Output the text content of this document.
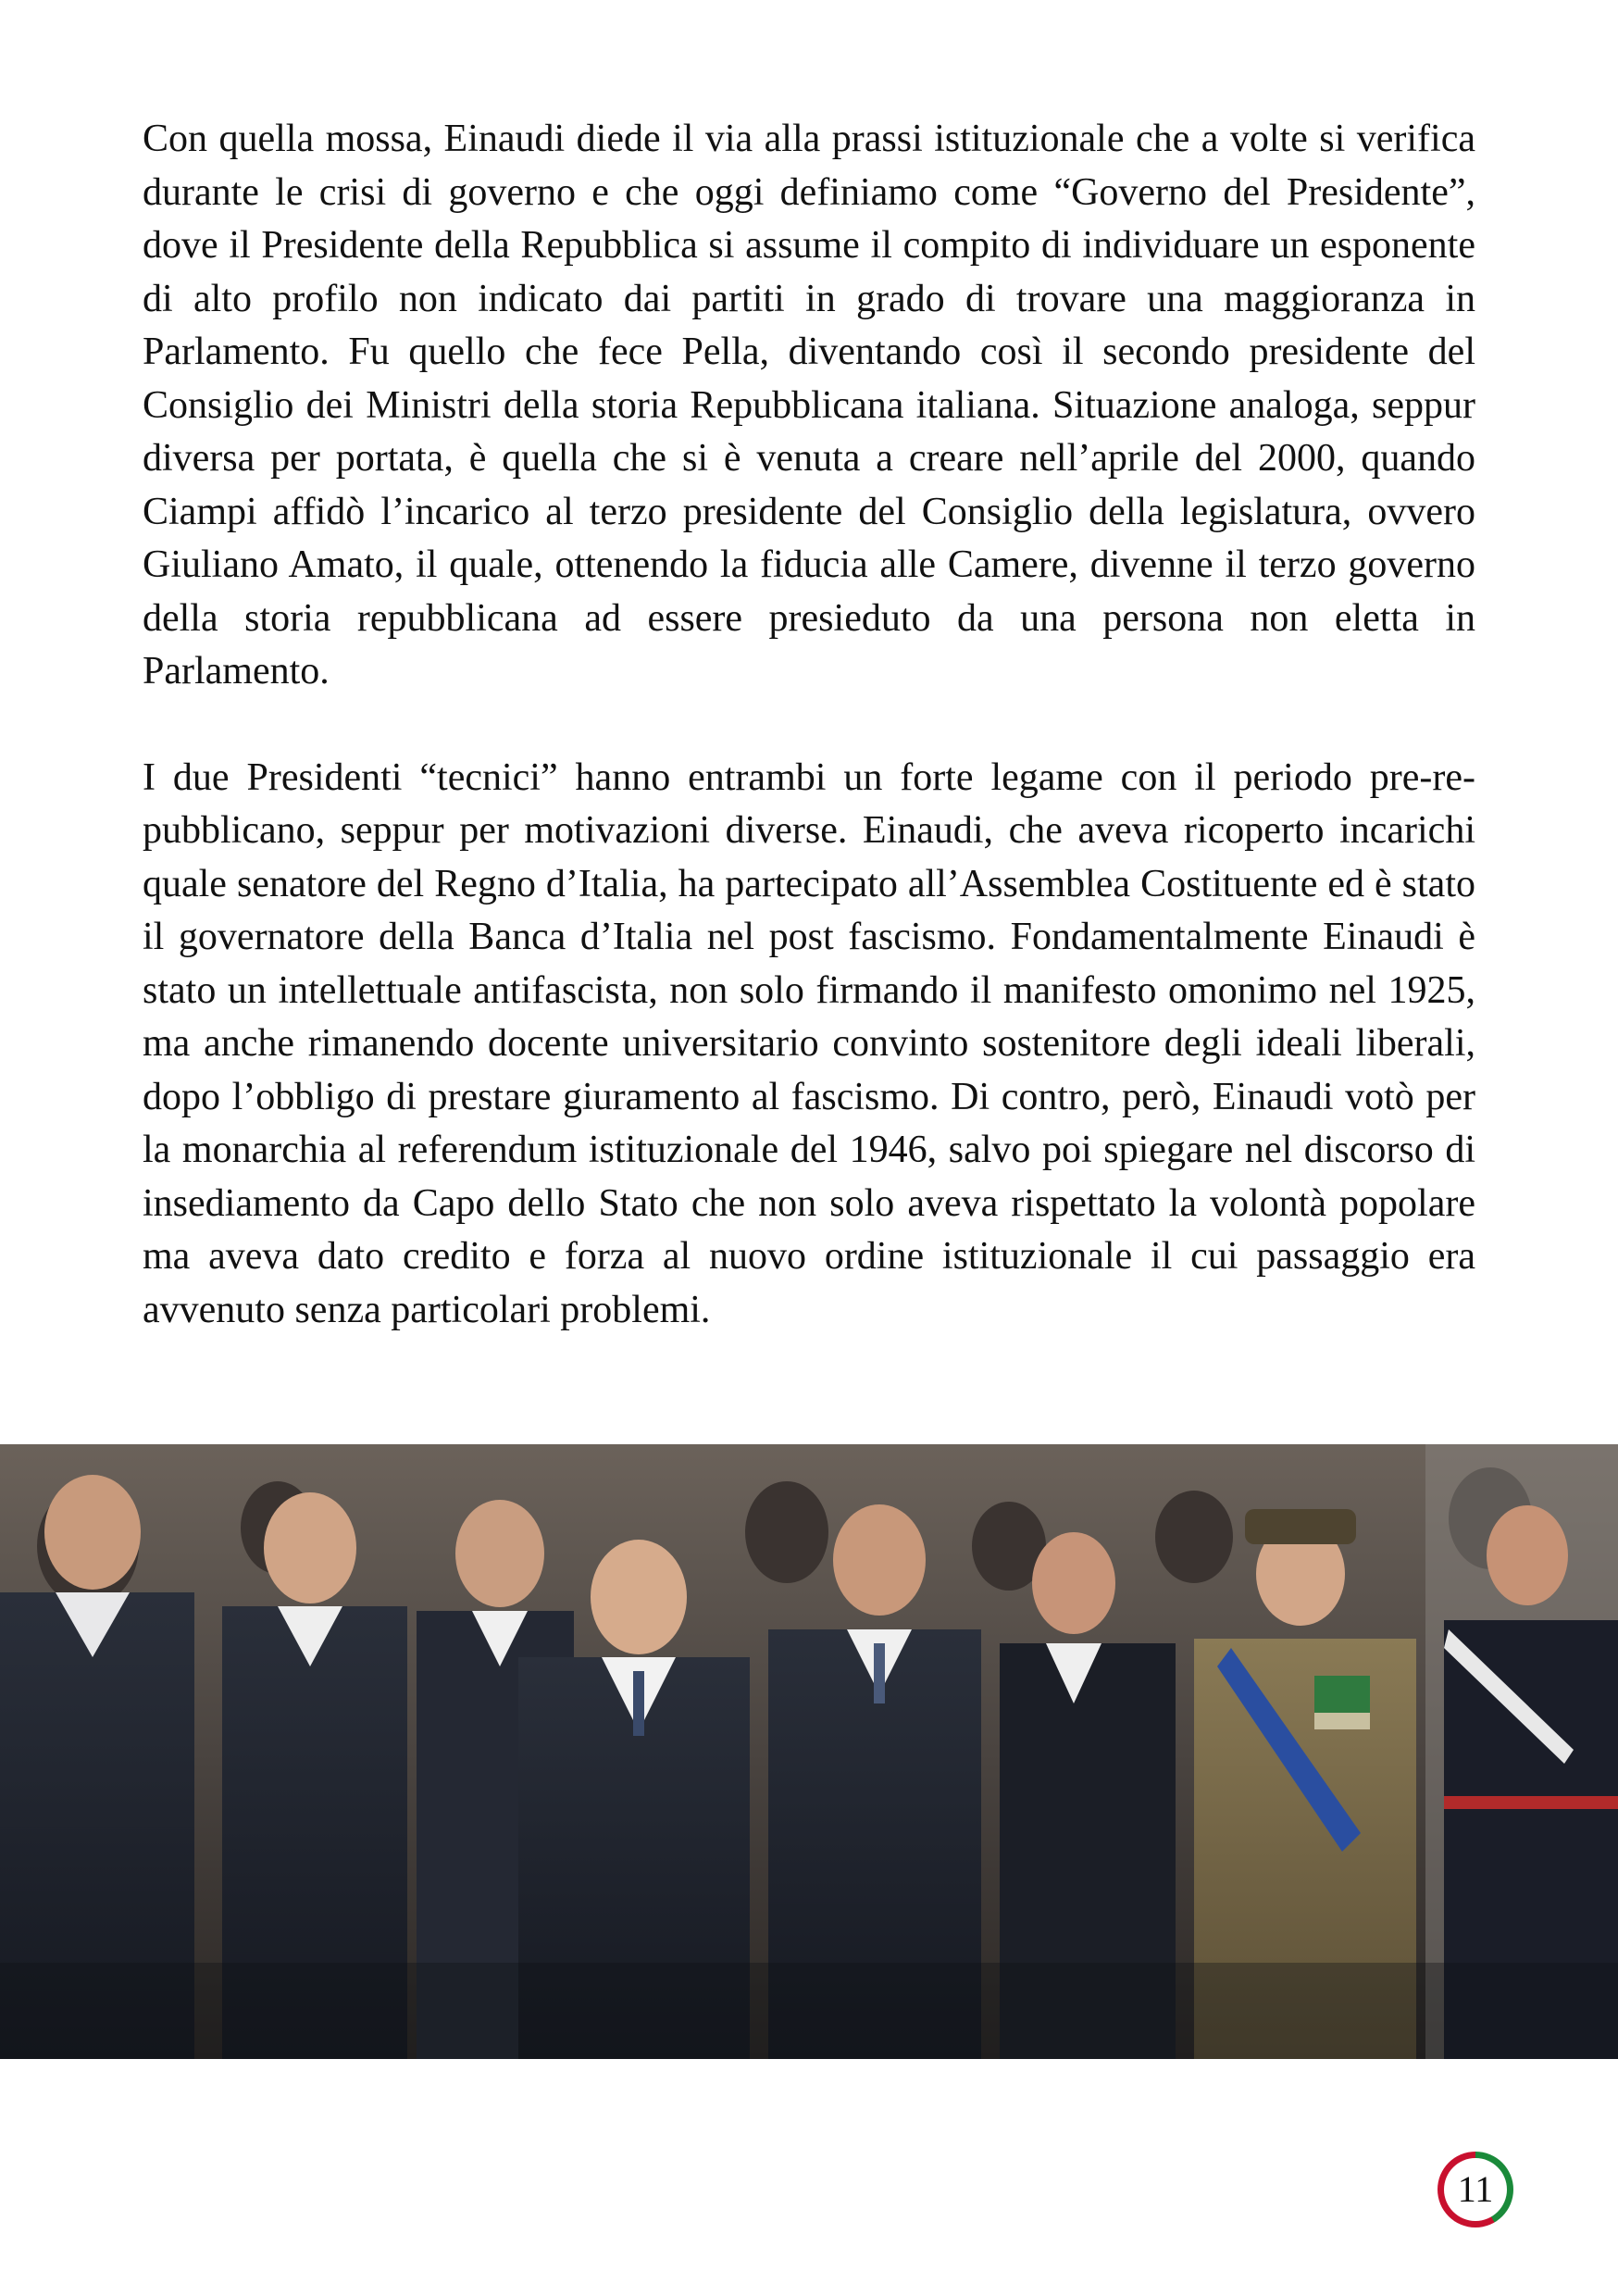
Con quella mossa, Einaudi diede il via alla prassi istituzionale che a volte si verifica durante le crisi di governo e che oggi definiamo come “Governo del Presidente”, dove il Presidente della Repubblica si assume il compito di individuare un esponente di alto profilo non indicato dai partiti in grado di trovare una maggioranza in Parlamento. Fu quello che fece Pella, diventando così il secondo presidente del Consiglio dei Ministri della storia Repubblicana italiana. Situazione analoga, seppur diversa per portata, è quella che si è venuta a creare nell’aprile del 2000, quando Ciampi affidò l’incarico al terzo presidente del Consiglio della legislatura, ovvero Giuliano Amato, il quale, ottenendo la fiducia alle Camere, divenne il terzo governo della storia repubblicana ad essere presieduto da una persona non eletta in Parlamento.

I due Presidenti “tecnici” hanno entrambi un forte legame con il periodo pre-repubblicano, seppur per motivazioni diverse. Einaudi, che aveva ricoperto incarichi quale senatore del Regno d’Italia, ha partecipato all’Assemblea Costituente ed è stato il governatore della Banca d’Italia nel post fascismo. Fondamentalmente Einaudi è stato un intellettuale antifascista, non solo firmando il manifesto omonimo nel 1925, ma anche rimanendo docente universitario convinto sostenitore degli ideali liberali, dopo l’obbligo di prestare giuramento al fascismo. Di contro, però, Einaudi votò per la monarchia al referendum istituzionale del 1946, salvo poi spiegare nel discorso di insediamento da Capo dello Stato che non solo aveva rispettato la volontà popolare ma aveva dato credito e forza al nuovo ordine istituzionale il cui passaggio era avvenuto senza particolari problemi.

11
